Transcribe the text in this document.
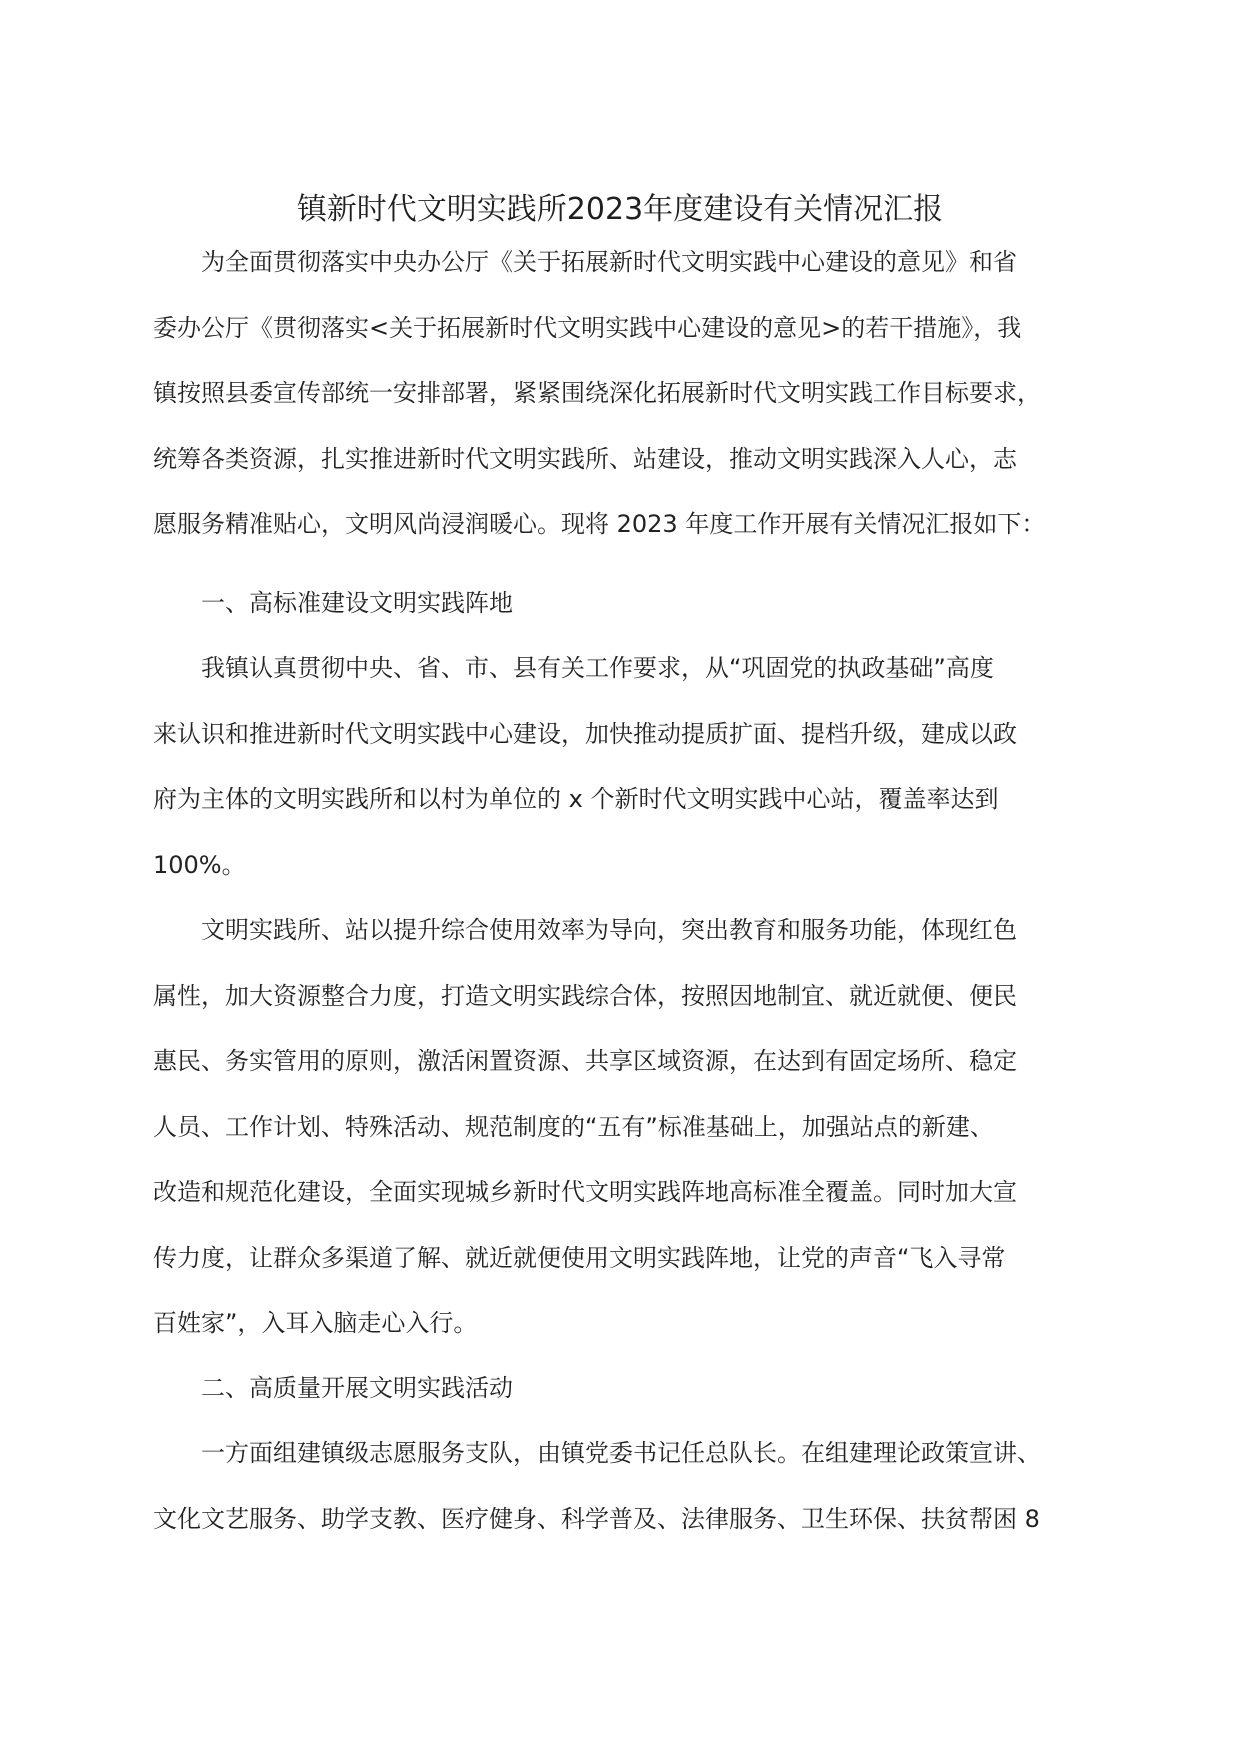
镇新时代文明实践所2023年度建设有关情况汇报

为全面贯彻落实中央办公厅《关于拓展新时代文明实践中心建设的意见》和省
委办公厅《贯彻落实<关于拓展新时代文明实践中心建设的意见>的若干措施》，我
镇按照县委宣传部统一安排部署，紧紧围绕深化拓展新时代文明实践工作目标要求，
统筹各类资源，扎实推进新时代文明实践所、站建设，推动文明实践深入人心，志
愿服务精准贴心，文明风尚浸润暖心。现将 2023 年度工作开展有关情况汇报如下：

一、高标准建设文明实践阵地

我镇认真贯彻中央、省、市、县有关工作要求，从“巩固党的执政基础”高度
来认识和推进新时代文明实践中心建设，加快推动提质扩面、提档升级，建成以政
府为主体的文明实践所和以村为单位的 x 个新时代文明实践中心站，覆盖率达到
100%。

文明实践所、站以提升综合使用效率为导向，突出教育和服务功能，体现红色
属性，加大资源整合力度，打造文明实践综合体，按照因地制宜、就近就便、便民
惠民、务实管用的原则，激活闲置资源、共享区域资源，在达到有固定场所、稳定
人员、工作计划、特殊活动、规范制度的“五有”标准基础上，加强站点的新建、
改造和规范化建设，全面实现城乡新时代文明实践阵地高标准全覆盖。同时加大宣
传力度，让群众多渠道了解、就近就便使用文明实践阵地，让党的声音“飞入寻常
百姓家”，入耳入脑走心入行。

二、高质量开展文明实践活动

一方面组建镇级志愿服务支队，由镇党委书记任总队长。在组建理论政策宣讲、
文化文艺服务、助学支教、医疗健身、科学普及、法律服务、卫生环保、扶贫帮困 8
